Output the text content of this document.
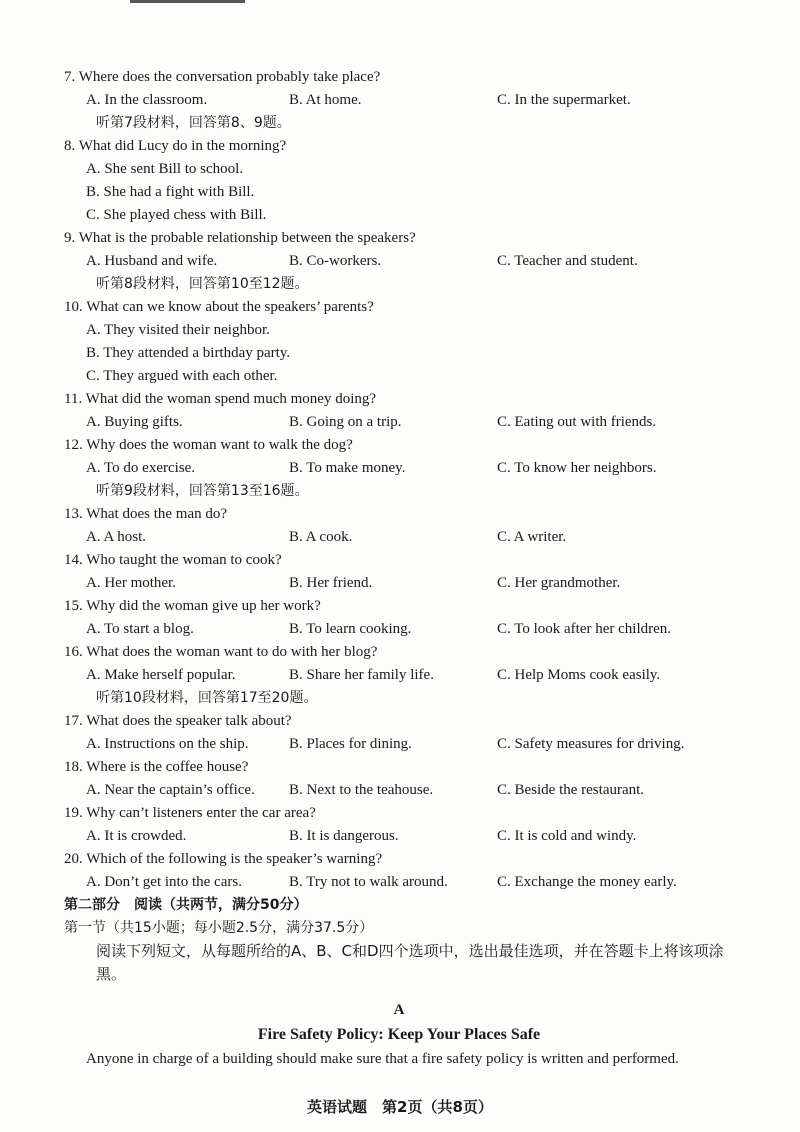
7. Where does the conversation probably take place?
A. In the classroom.	B. At home.	C. In the supermarket.
听第7段材料，回答第8、9题。
8. What did Lucy do in the morning?
A. She sent Bill to school.
B. She had a fight with Bill.
C. She played chess with Bill.
9. What is the probable relationship between the speakers?
A. Husband and wife.	B. Co-workers.	C. Teacher and student.
听第8段材料，回答第10至12题。
10. What can we know about the speakers’ parents?
A. They visited their neighbor.
B. They attended a birthday party.
C. They argued with each other.
11. What did the woman spend much money doing?
A. Buying gifts.	B. Going on a trip.	C. Eating out with friends.
12. Why does the woman want to walk the dog?
A. To do exercise.	B. To make money.	C. To know her neighbors.
听第9段材料，回答第13至16题。
13. What does the man do?
A. A host.	B. A cook.	C. A writer.
14. Who taught the woman to cook?
A. Her mother.	B. Her friend.	C. Her grandmother.
15. Why did the woman give up her work?
A. To start a blog.	B. To learn cooking.	C. To look after her children.
16. What does the woman want to do with her blog?
A. Make herself popular.	B. Share her family life.	C. Help Moms cook easily.
听第10段材料，回答第17至20题。
17. What does the speaker talk about?
A. Instructions on the ship.	B. Places for dining.	C. Safety measures for driving.
18. Where is the coffee house?
A. Near the captain’s office. B. Next to the teahouse.	C. Beside the restaurant.
19. Why can’t listeners enter the car area?
A. It is crowded.	B. It is dangerous.	C. It is cold and windy.
20. Which of the following is the speaker’s warning?
A. Don’t get into the cars.	B. Try not to walk around.	C. Exchange the money early.
第二部分　阅读（共两节，满分50分）
第一节（共15小题；每小题2.5分，满分37.5分）
阅读下列短文，从每题所给的A、B、C和D四个选项中，选出最佳选项，并在答题卡上将该项涂黑。
A
Fire Safety Policy: Keep Your Places Safe
Anyone in charge of a building should make sure that a fire safety policy is written and performed.
英语试题　第2页（共8页）
